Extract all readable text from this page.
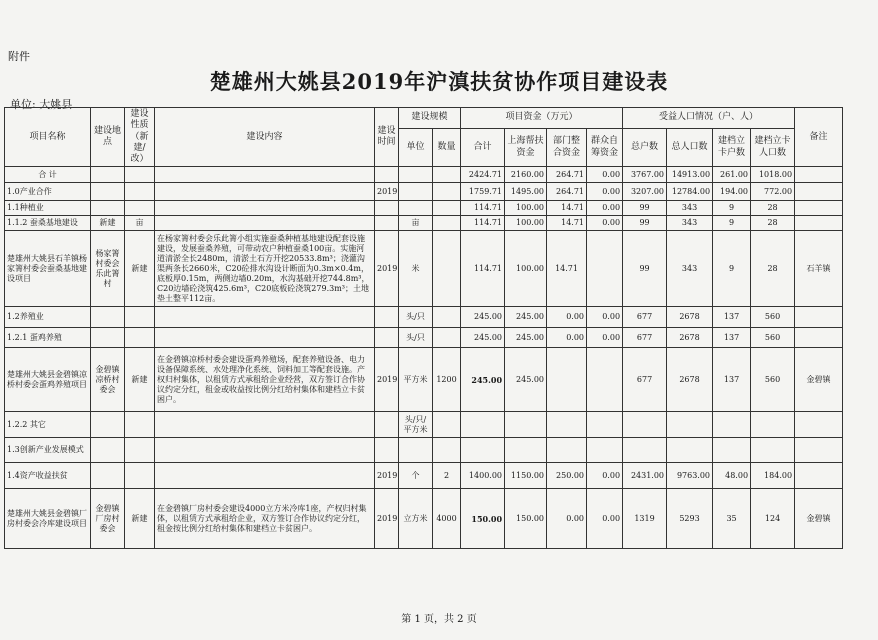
附件
楚雄州大姚县2019年沪滇扶贫协作项目建设表
单位: 大姚县
项目名称	建设地点	建设性质（新建/改）	建设内容	建设时间	建设规模		项目资金（万元）				受益人口情况（户、人）				备注
					单位	数量	合计	上海帮扶资金	部门整合资金	群众自筹资金	总户数	总人口数	建档立卡户数	建档立卡人口数	
合 计							2424.71	2160.00	264.71	0.00	3767.00	14913.00	261.00	1018.00	
1.0产业合作				2019			1759.71	1495.00	264.71	0.00	3207.00	12784.00	194.00	772.00	
1.1种植业							114.71	100.00	14.71	0.00	99	343	9	28	
1.1.2 蚕桑基地建设	新建	亩			亩		114.71	100.00	14.71	0.00	99	343	9	28	
楚雄州大姚县石羊镇杨家箐村委会蚕桑基地建设项目	杨家箐村委会乐此箐村	新建	在杨家箐村委会乐此箐小组实施蚕桑种植基地建设配套设施建设，发展蚕桑养殖，可带动农户种植蚕桑100亩。实施河道清淤全长2480m，清淤土石方开挖20533.8m³；浇灌沟渠两条长2660米，C20砼排水沟设计断面为0.3m×0.4m，底板厚0.15m，两侧边墙0.20m，水沟基础开挖744.8m³，C20边墙砼浇筑425.6m³，C20底板砼浇筑279.3m³；土地垫土整平112亩。	2019	米		114.71	100.00	14.71		99	343	9	28	石羊镇
1.2养殖业					头/只		245.00	245.00	0.00	0.00	677	2678	137	560	
1.2.1 蛋鸡养殖					头/只		245.00	245.00	0.00	0.00	677	2678	137	560	
楚雄州大姚县金碧镇凉桥村委会蛋鸡养殖项目	金碧镇凉桥村委会	新建	在金碧镇凉桥村委会建设蛋鸡养殖场，配套养殖设备、电力设备保障系统、水处理净化系统、饲料加工等配套设施。产权归村集体，以租赁方式承租给企业经营，双方签订合作协议约定分红，租金或收益按比例分红给村集体和建档立卡贫困户。	2019	平方米	1200	245.00	245.00			677	2678	137	560	金碧镇
1.2.2 其它					头/只/平方米										
1.3创新产业发展模式															
1.4资产收益扶贫				2019	个	2	1400.00	1150.00	250.00	0.00	2431.00	9763.00	48.00	184.00	
楚雄州大姚县金碧镇厂房村委会冷库建设项目	金碧镇厂房村委会	新建	在金碧镇厂房村委会建设4000立方米冷库1座，产权归村集体，以租赁方式承租给企业，双方签订合作协议约定分红，租金按比例分红给村集体和建档立卡贫困户。	2019	立方米	4000	150.00	150.00	0.00	0.00	1319	5293	35	124	金碧镇
第 1 页，共 2 页
